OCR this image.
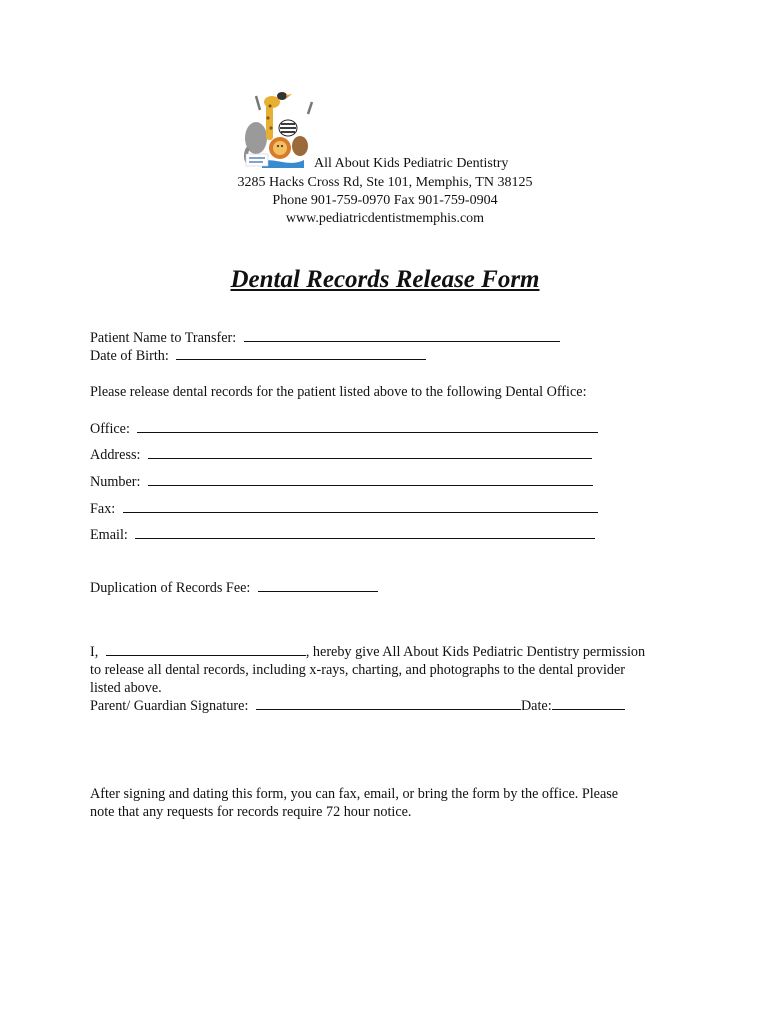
All About Kids Pediatric Dentistry
3285 Hacks Cross Rd, Ste 101, Memphis, TN 38125
Phone 901-759-0970 Fax 901-759-0904
www.pediatricdentistmemphis.com
Dental Records Release Form
Patient Name to Transfer:
Date of Birth:
Please release dental records for the patient listed above to the following Dental Office:
Office:
Address:
Number:
Fax:
Email:
Duplication of Records Fee:
I,	, hereby give All About Kids Pediatric Dentistry permission
to release all dental records, including x-rays, charting, and photographs to the dental provider
listed above.
Parent/ Guardian Signature:	Date:
After signing and dating this form, you can fax, email, or bring the form by the office. Please
note that any requests for records require 72 hour notice.
